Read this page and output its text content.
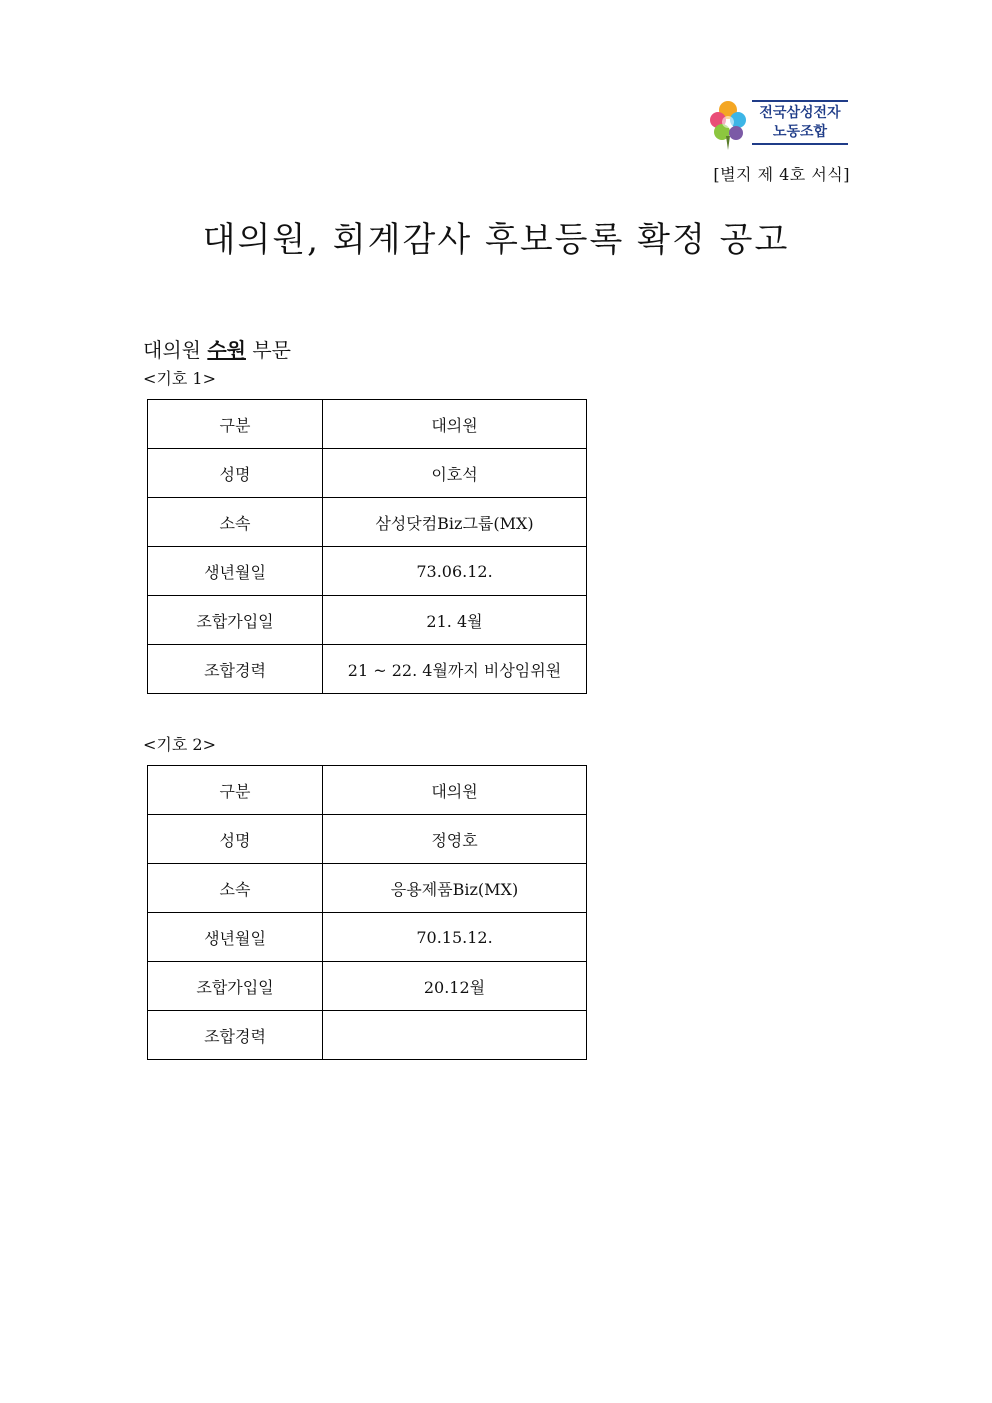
전국삼성전자
노동조합
[별지 제 4호 서식]
대의원, 회계감사 후보등록 확정 공고
대의원 수원 부문
<기호 1>
구분	대의원
성명	이호석
소속	삼성닷컴Biz그룹(MX)
생년월일	73.06.12.
조합가입일	21. 4월
조합경력	21 ~ 22. 4월까지 비상임위원
<기호 2>
구분	대의원
성명	정영호
소속	응용제품Biz(MX)
생년월일	70.15.12.
조합가입일	20.12월
조합경력	
